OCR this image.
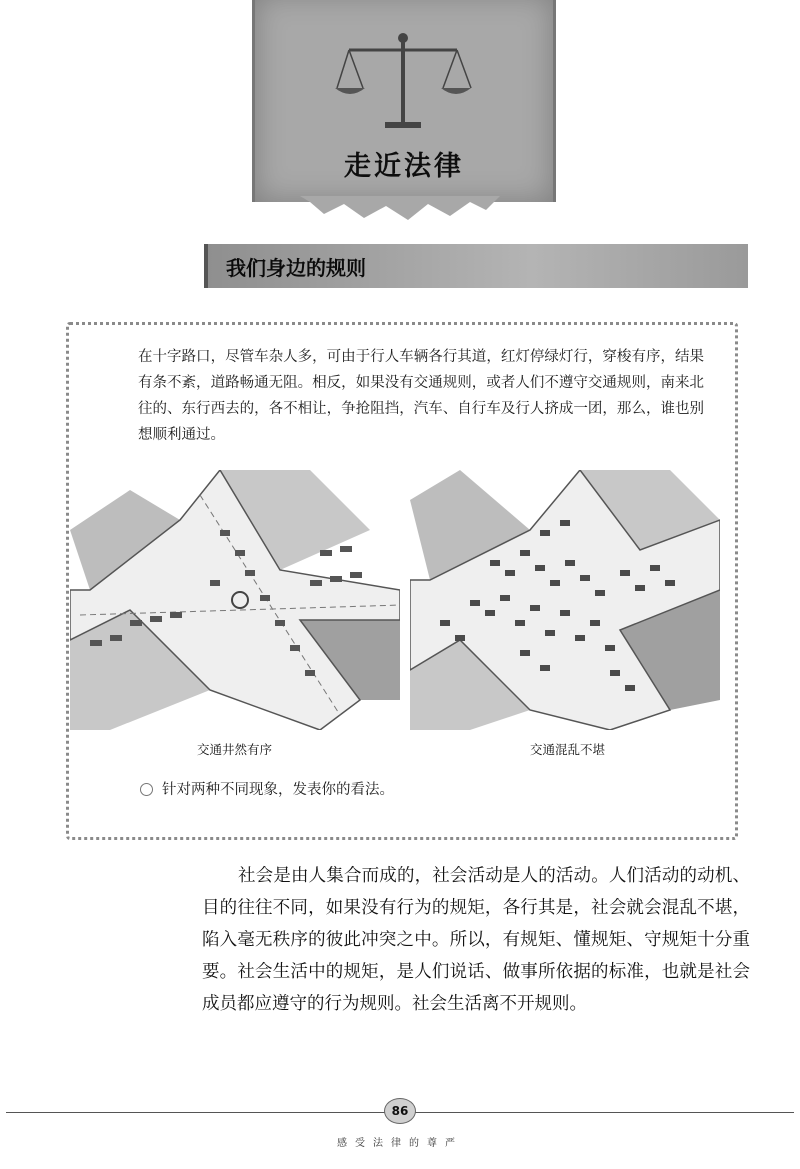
走近法律
我们身边的规则
在十字路口，尽管车杂人多，可由于行人车辆各行其道，红灯停绿灯行，穿梭有序，结果有条不紊，道路畅通无阻。相反，如果没有交通规则，或者人们不遵守交通规则，南来北往的、东行西去的，各不相让，争抢阻挡，汽车、自行车及行人挤成一团，那么，谁也别想顺利通过。
交通井然有序	交通混乱不堪
针对两种不同现象，发表你的看法。
社会是由人集合而成的，社会活动是人的活动。人们活动的动机、目的往往不同，如果没有行为的规矩，各行其是，社会就会混乱不堪，陷入毫无秩序的彼此冲突之中。所以，有规矩、懂规矩、守规矩十分重要。社会生活中的规矩，是人们说话、做事所依据的标准，也就是社会成员都应遵守的行为规则。社会生活离不开规则。
86
感受法律的尊严
